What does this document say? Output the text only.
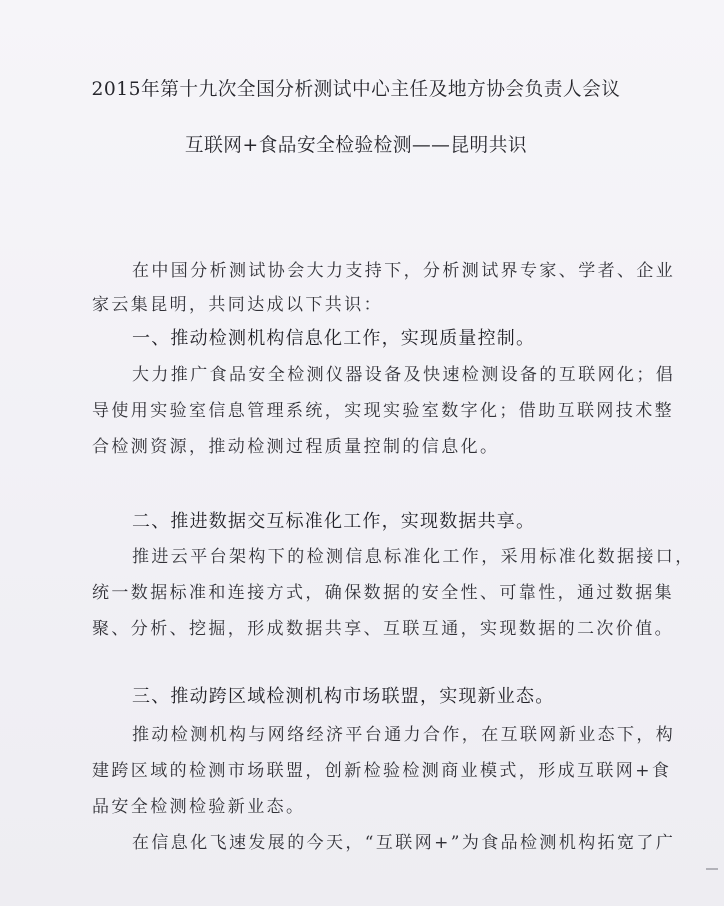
2015年第十九次全国分析测试中心主任及地方协会负责人会议
互联网+食品安全检验检测——昆明共识
在中国分析测试协会大力支持下，分析测试界专家、学者、企业
家云集昆明，共同达成以下共识：
一、推动检测机构信息化工作，实现质量控制。
大力推广食品安全检测仪器设备及快速检测设备的互联网化；倡
导使用实验室信息管理系统，实现实验室数字化；借助互联网技术整
合检测资源，推动检测过程质量控制的信息化。
二、推进数据交互标准化工作，实现数据共享。
推进云平台架构下的检测信息标准化工作，采用标准化数据接口，
统一数据标准和连接方式，确保数据的安全性、可靠性，通过数据集
聚、分析、挖掘，形成数据共享、互联互通，实现数据的二次价值。
三、推动跨区域检测机构市场联盟，实现新业态。
推动检测机构与网络经济平台通力合作，在互联网新业态下，构
建跨区域的检测市场联盟，创新检验检测商业模式，形成互联网+食
品安全检测检验新业态。
在信息化飞速发展的今天，“互联网+”为食品检测机构拓宽了广
